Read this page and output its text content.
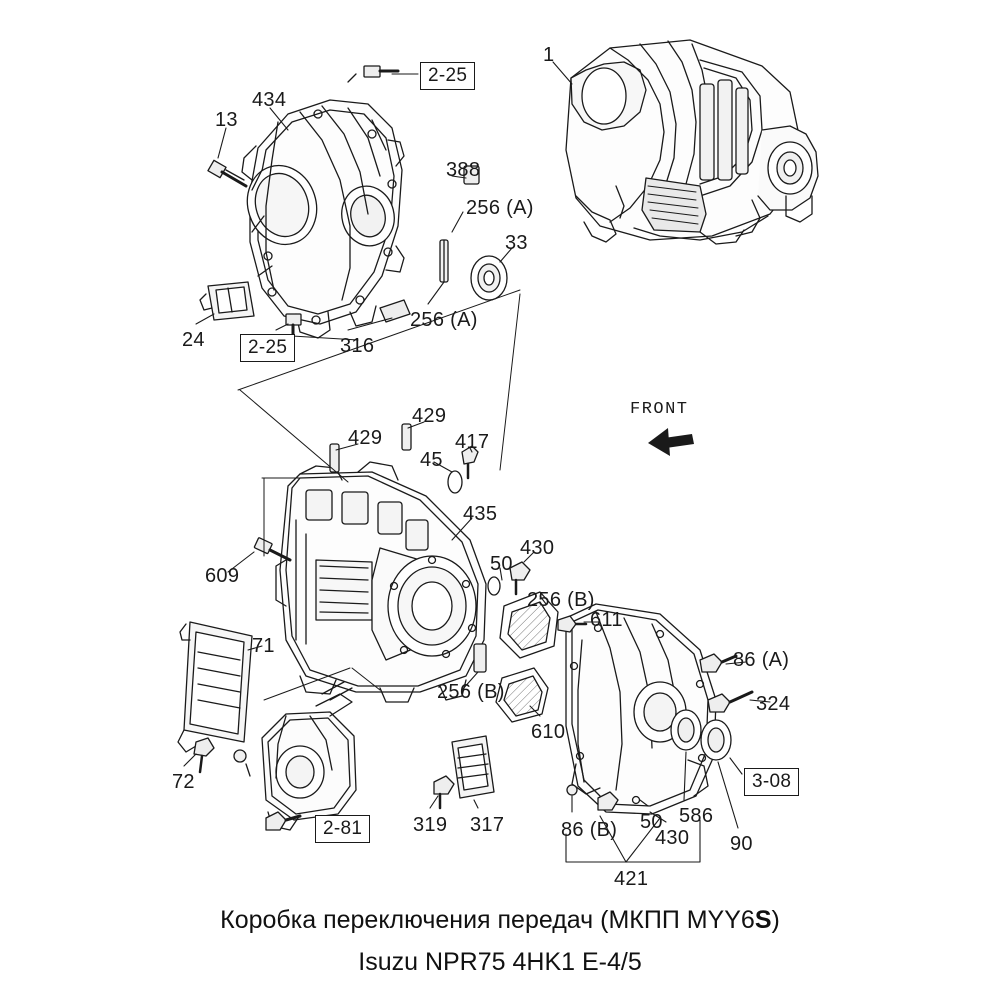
FRONT
1
2-25
434
13
388
256 (A)
33
256 (A)
24	2-25	316
429
429	417
45
435
430
50
609
256 (B)
611
71
86 (A)
256 (B)
324
610
72	3-08
2-81	319 317	86 (B) 50 586
430 90
421
Коробка переключения передач (МКПП MYY6S)
Isuzu NPR75 4HK1 E-4/5
